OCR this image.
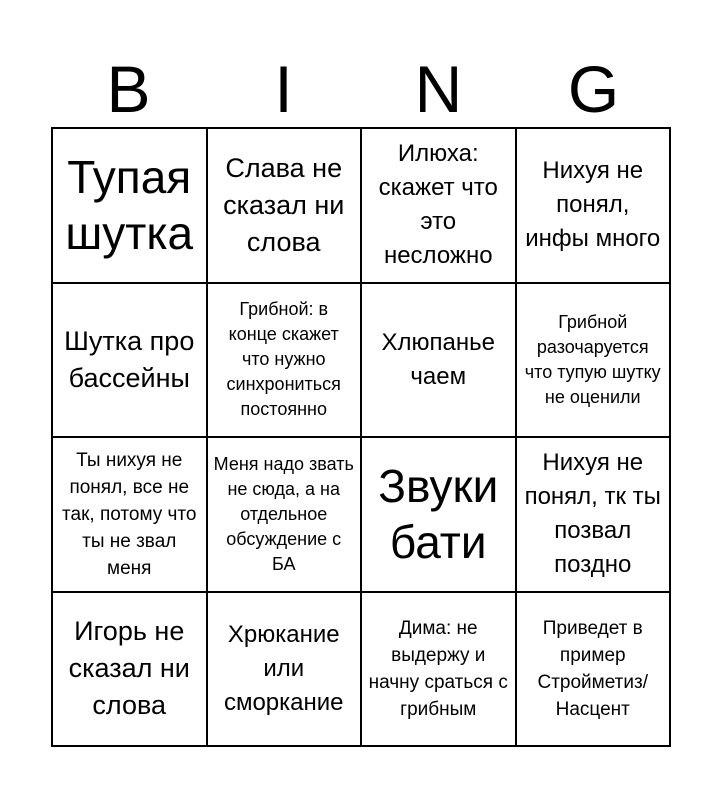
B	I	N	G
Тупая шутка
Слава не сказал ни слова
Илюха: скажет что это несложно
Нихуя не понял, инфы много
Шутка про бассейны
Грибной: в конце скажет что нужно синхрониться постоянно
Хлюпанье чаем
Грибной разочаруется что тупую шутку не оценили
Ты нихуя не понял, все не так, потому что ты не звал меня
Меня надо звать не сюда, а на отдельное обсуждение с БА
Звуки бати
Нихуя не понял, тк ты позвал поздно
Игорь не сказал ни слова
Хрюкание или сморкание
Дима: не выдержу и начну сраться с грибным
Приведет в пример Стройметиз/Насцент
